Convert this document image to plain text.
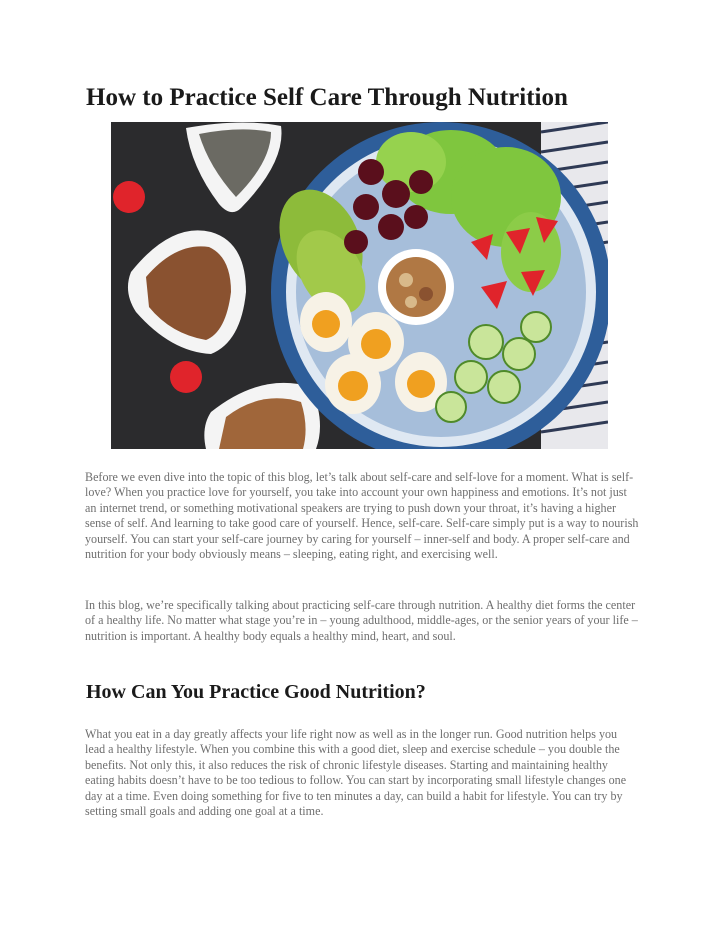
How to Practice Self Care Through Nutrition

Before we even dive into the topic of this blog, let’s talk about self-care and self-love for a moment. What is self-love? When you practice love for yourself, you take into account your own happiness and emotions. It’s not just an internet trend, or something motivational speakers are trying to push down your throat, it’s having a higher sense of self. And learning to take good care of yourself. Hence, self-care. Self-care simply put is a way to nourish yourself. You can start your self-care journey by caring for yourself – inner-self and body. A proper self-care and nutrition for your body obviously means – sleeping, eating right, and exercising well.

In this blog, we’re specifically talking about practicing self-care through nutrition. A healthy diet forms the center of a healthy life. No matter what stage you’re in – young adulthood, middle-ages, or the senior years of your life – nutrition is important. A healthy body equals a healthy mind, heart, and soul.

How Can You Practice Good Nutrition?

What you eat in a day greatly affects your life right now as well as in the longer run. Good nutrition helps you lead a healthy lifestyle. When you combine this with a good diet, sleep and exercise schedule – you double the benefits. Not only this, it also reduces the risk of chronic lifestyle diseases. Starting and maintaining healthy eating habits doesn’t have to be too tedious to follow. You can start by incorporating small lifestyle changes one day at a time. Even doing something for five to ten minutes a day, can build a habit for lifestyle. You can try by setting small goals and adding one goal at a time.
